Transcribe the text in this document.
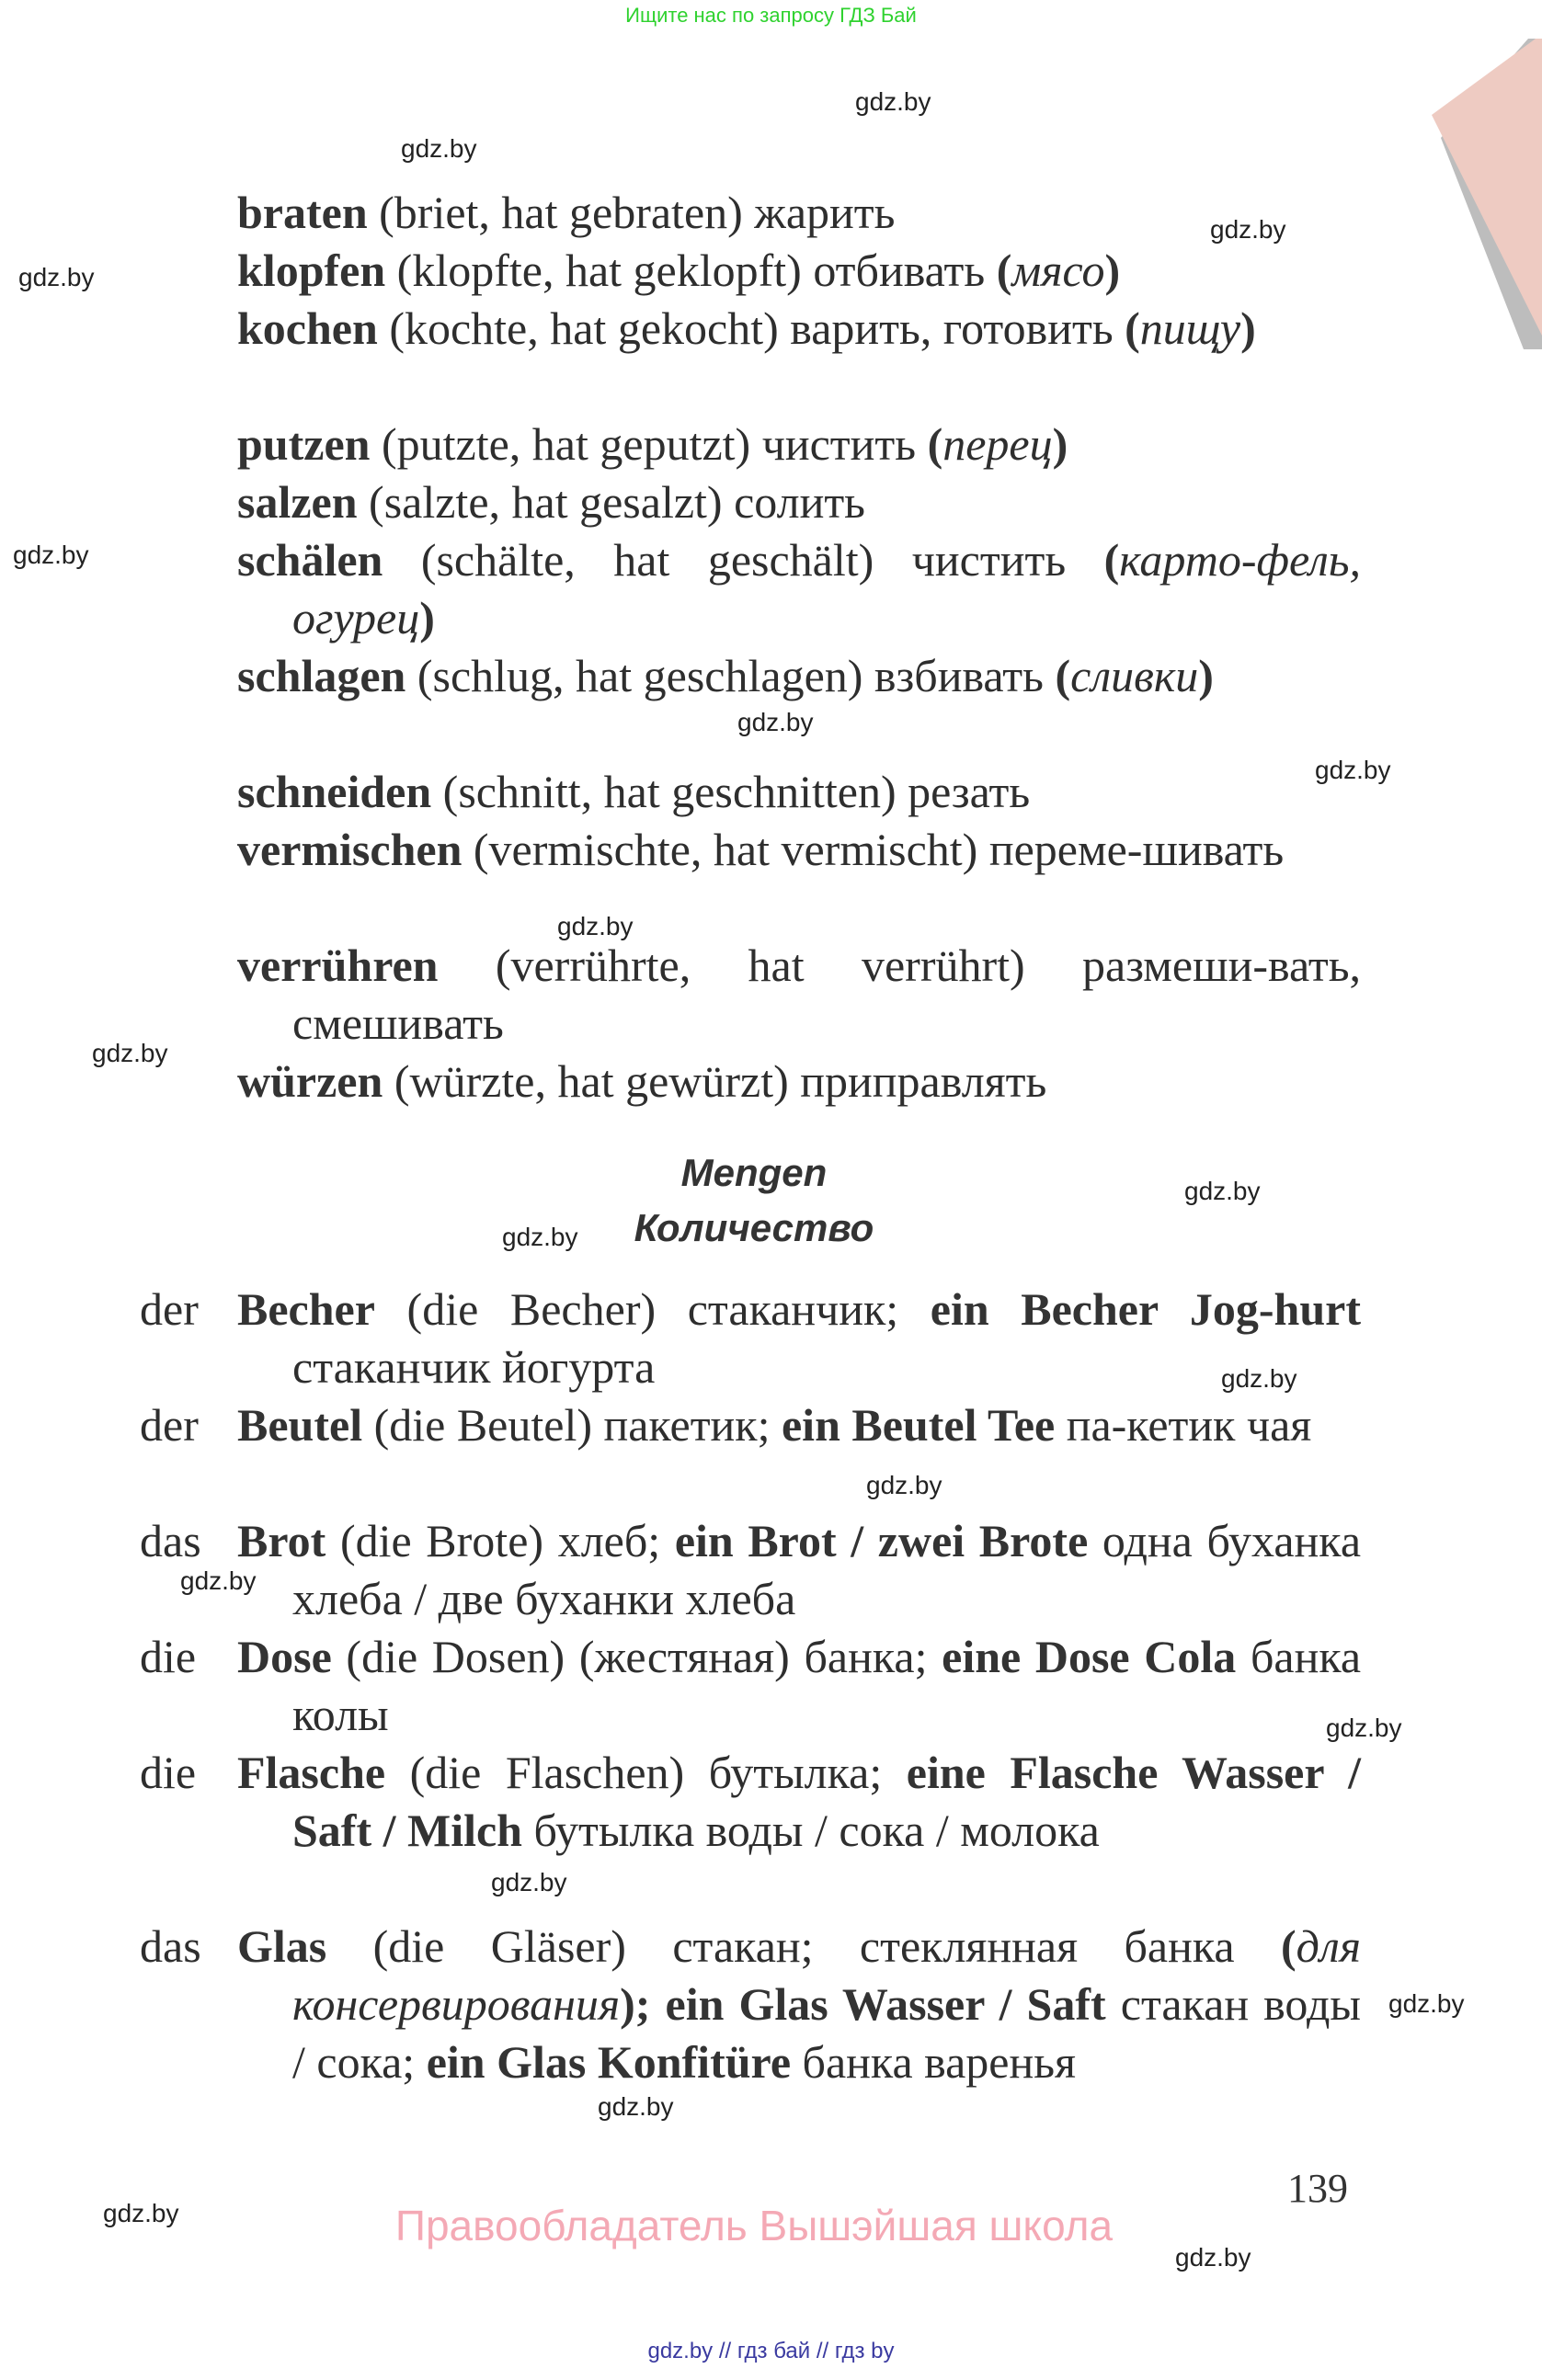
Ищите нас по запросу ГДЗ Бай
gdz.by
gdz.by
gdz.by
gdz.by
gdz.by
gdz.by
gdz.by
gdz.by
gdz.by
gdz.by
gdz.by
gdz.by
gdz.by
gdz.by
gdz.by
gdz.by
gdz.by
gdz.by
gdz.by
gdz.by
braten (briet, hat gebraten) жарить
klopfen (klopfte, hat geklopft) отбивать (мясо)
kochen (kochte, hat gekocht) варить, готовить (пищу)
putzen (putzte, hat geputzt) чистить (перец)
salzen (salzte, hat gesalzt) солить
schälen (schälte, hat geschält) чистить (карто-фель, огурец)
schlagen (schlug, hat geschlagen) взбивать (сливки)
schneiden (schnitt, hat geschnitten) резать
vermischen (vermischte, hat vermischt) переме-шивать
verrühren (verrührte, hat verrührt) размеши-вать, смешивать
würzen (würzte, hat gewürzt) приправлять
Mengen
Количество
der Becher (die Becher) стаканчик; ein Becher Jog-hurt стаканчик йогурта
der Beutel (die Beutel) пакетик; ein Beutel Tee па-кетик чая
das Brot (die Brote) хлеб; ein Brot / zwei Brote одна буханка хлеба / две буханки хлеба
die Dose (die Dosen) (жестяная) банка; eine Dose Cola банка колы
die Flasche (die Flaschen) бутылка; eine Flasche Wasser / Saft / Milch бутылка воды / сока / молока
das Glas (die Gläser) стакан; стеклянная банка (для консервирования); ein Glas Wasser / Saft стакан воды / сока; ein Glas Konfitüre банка варенья
139
Правообладатель Вышэйшая школа
gdz.by // гдз бай // гдз by
